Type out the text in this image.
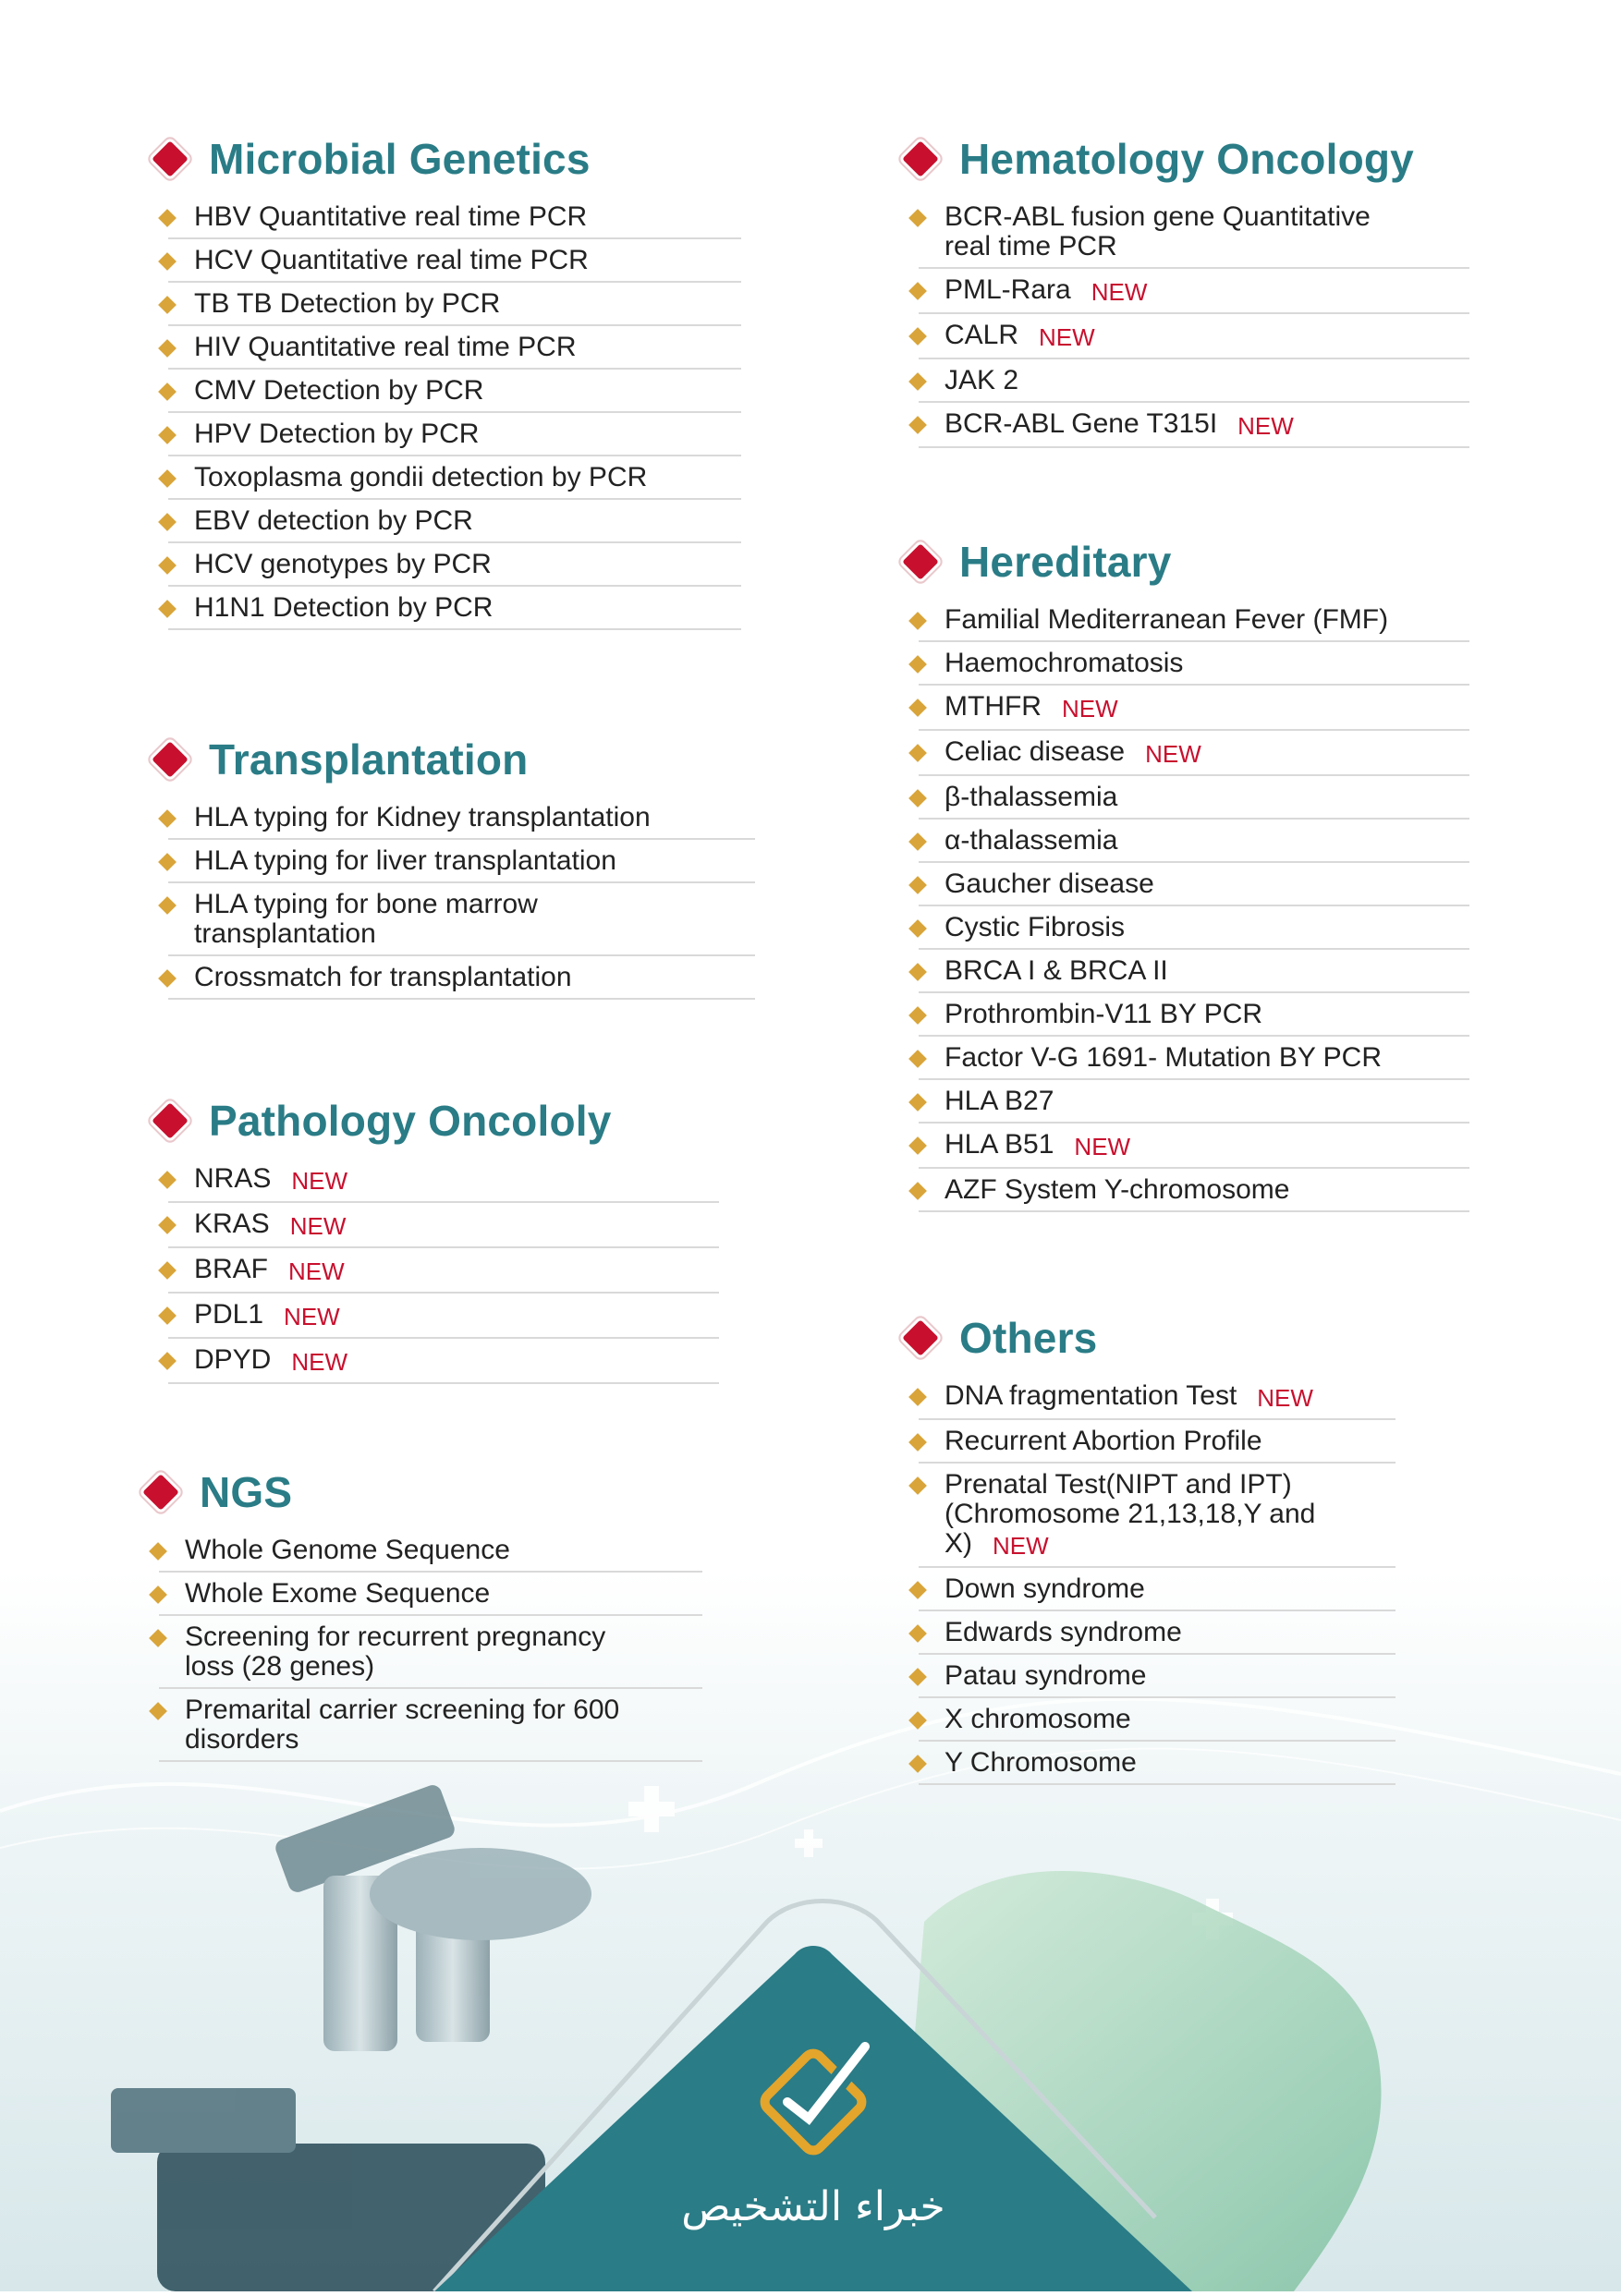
خبراء التشخيص
Microbial Genetics
HBV Quantitative real time PCR
HCV Quantitative real time PCR
TB TB Detection by PCR
HIV Quantitative real time PCR
CMV Detection by PCR
HPV Detection by PCR
Toxoplasma gondii detection by PCR
EBV detection by PCR
HCV genotypes by PCR
H1N1 Detection by PCR
Transplantation
HLA typing for Kidney transplantation
HLA typing for liver transplantation
HLA typing for bone marrow
transplantation
Crossmatch for transplantation
Pathology Oncololy
NRAS NEW
KRAS NEW
BRAF NEW
PDL1 NEW
DPYD NEW
NGS
Whole Genome Sequence
Whole Exome Sequence
Screening for recurrent pregnancy
loss (28 genes)
Premarital carrier screening for 600
disorders
Hematology Oncology
BCR-ABL fusion gene Quantitative
real time PCR
PML-Rara NEW
CALR NEW
JAK 2
BCR-ABL Gene T315I NEW
Hereditary
Familial Mediterranean Fever (FMF)
Haemochromatosis
MTHFR NEW
Celiac disease NEW
β-thalassemia
α-thalassemia
Gaucher disease
Cystic Fibrosis
BRCA I & BRCA II
Prothrombin-V11 BY PCR
Factor V-G 1691- Mutation BY PCR
HLA B27
HLA B51 NEW
AZF System Y-chromosome
Others
DNA fragmentation Test NEW
Recurrent Abortion Profile
Prenatal Test(NIPT and IPT)
(Chromosome 21,13,18,Y and X) NEW
Down syndrome
Edwards syndrome
Patau syndrome
X chromosome
Y Chromosome
